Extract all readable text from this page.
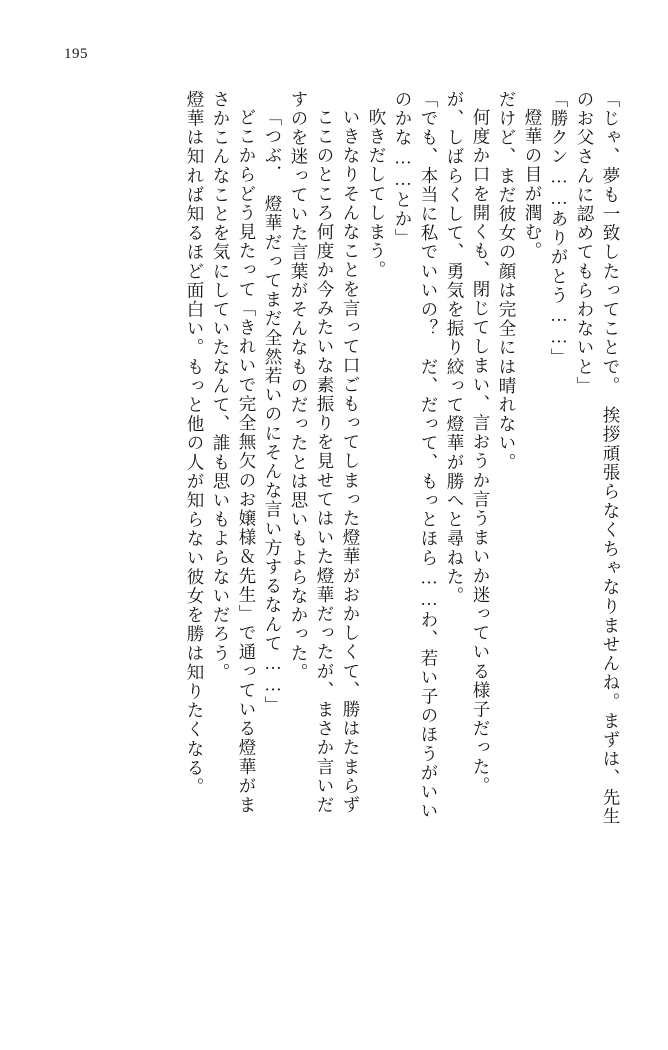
195
「じゃ、夢も一致したってことで。　挨拶頑張らなくちゃなりませんね。まずは、先生
のお父さんに認めてもらわないと」
「勝クン……ありがとう……」
燈華の目が潤む。
だけど、まだ彼女の顔は完全には晴れない。
何度か口を開くも、閉じてしまい、言おうか言うまいか迷っている様子だった。
が、しばらくして、勇気を振り絞って燈華が勝へと尋ねた。
「でも、本当に私でいいの？　だ、だって、もっとほら……わ、若い子のほうがいい
のかな……とか」
吹きだしてしまう。
いきなりそんなことを言って口ごもってしまった燈華がおかしくて、勝はたまらず
ここのところ何度か今みたいな素振りを見せてはいた燈華だったが、まさか言いだ
すのを迷っていた言葉がそんなものだったとは思いもよらなかった。
「つぶ．　燈華だってまだ全然若いのにそんな言い方するなんて……」
どこからどう見たって「きれいで完全無欠のお嬢様＆先生」で通っている燈華がま
さかこんなことを気にしていたなんて、誰も思いもよらないだろう。
燈華は知れば知るほど面白い。もっと他の人が知らない彼女を勝は知りたくなる。
